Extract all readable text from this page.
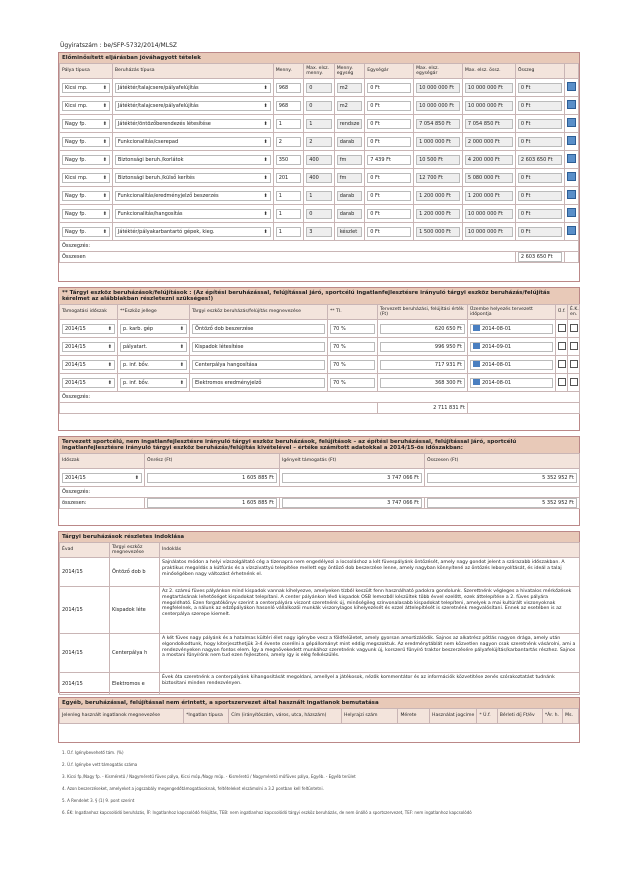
Ügyiratszám : be/SFP-5732/2014/MLSZ
Előminősített eljárásban jóváhagyott tételek
Pálya típusa	Beruházás típusa	Menny.	Max. elsz. menny.	Menny. egység	Egységár	Max. elsz. egységár	Max. elsz. össz.	Összeg	

Kicsi mp. ⬍	Játéktér/talajcsere/pályafelújítás ⬍	968	0	m2	0 Ft	10 000 000 Ft	10 000 000 Ft	0 Ft	

Kicsi mp. ⬍	Játéktér/talajcsere/pályafelújítás ⬍	968	0	m2	0 Ft	10 000 000 Ft	10 000 000 Ft	0 Ft	

Nagy fp. ⬍	Játéktér/öntözőberendezés létesítése ⬍	1	1	rendsze	0 Ft	7 054 850 Ft	7 054 850 Ft	0 Ft	

Nagy fp. ⬍	Funkcionalitás/cserepad ⬍	2	2	darab	0 Ft	1 000 000 Ft	2 000 000 Ft	0 Ft	

Nagy fp. ⬍	Biztonsági beruh./korlátok ⬍	350	400	fm	7 439 Ft	10 500 Ft	4 200 000 Ft	2 603 650 Ft	

Kicsi mp. ⬍	Biztonsági beruh./külső kerítés ⬍	201	400	fm	0 Ft	12 700 Ft	5 080 000 Ft	0 Ft	

Nagy fp. ⬍	Funkcionalitás/eredményjelző beszerzés ⬍	1	1	darab	0 Ft	1 200 000 Ft	1 200 000 Ft	0 Ft	

Nagy fp. ⬍	Funkcionalitás/hangosítás ⬍	1	0	darab	0 Ft	1 200 000 Ft	10 000 000 Ft	0 Ft	

Nagy fp. ⬍	Játéktér/pályakarbantartó gépek, kieg. ⬍	1	3	készlet	0 Ft	1 500 000 Ft	10 000 000 Ft	0 Ft	

Összegzés:									
Összesen								2 603 650 Ft	

** Tárgyi eszköz beruházások/felújítások : (Az építési beruházással, felújítással járó, sportcélú ingatlanfejlesztésre irányuló tárgyi eszköz beruházás/felújítás kérelmet az alábbiakban részletezni szükséges!)
Támogatási időszak	**Eszköz jellege	Tárgyi eszköz beruházás/felújítás megnevezése	** TI.	Tervezett beruházási, felújítási érték (Ft)	Üzembe helyezés tervezett időpontja	Ü.f.	É.K. en.

2014/15 ⬍	p. karb. gép ⬍	Öntöző dob beszerzése	70 %	620 650 Ft	2014-08-01		

2014/15 ⬍	pályatart. ⬍	Kispadok létesítése	70 %	996 950 Ft	2014-09-01		

2014/15 ⬍	p. inf. bőv. ⬍	Centerpálya hangosítása	70 %	717 931 Ft	2014-08-01		

2014/15 ⬍	p. inf. bőv. ⬍	Elektromos eredményjelző	70 %	368 300 Ft	2014-08-01		

Összegzés:							
				2 711 831 Ft			
Tervezett sportcélú, nem ingatlanfejlesztésre irányuló tárgyi eszköz beruházások, felújítások – az építési beruházással, felújítással járó, sportcélú ingatlanfejlesztésre irányuló tárgyi eszköz beruházás/felújítás kivételével – értéke számított adatokkal a 2014/15-ös időszakban:
Időszak	Önrész (Ft)	Igényelt támogatás (Ft)	Összesen (Ft)

2014/15 ⬍	1 605 885 Ft	3 747 066 Ft	5 352 952 Ft

Összegzés:			
összesen:	1 605 885 Ft	3 747 066 Ft	5 352 952 Ft
Tárgyi beruházások részletes indoklása
Évad	Tárgyi eszköz megnevezése	Indoklás
2014/15	Öntöző dob b	Sajnálatos módon a helyi vízszolgáltató cég a tizenapra nem engedélyezi a locsoláshoz a két füvespályánk öntözését, amely nagy gondot jelent a szárazabb időszakban. A praktikus megoldás a kútfúrás és a vízszivattyú telepítése mellett egy öntöző dob beszerzése lenne, amely nagyban könnyítené az öntözés lebonyolítását, és ideál a talaj minőségében nagy változást érhetnénk el.
2014/15	Kispadok léte	Az 2. számú füves pályánkon mind kispadok vannak kihelyezve, amelyeken tízből keszült fenn használható padokra gondolunk. Szerettnénk végleges a hivatalos mérkőzések megtartásának lehetőséget kispadokat telepítani. A center pályánkon lévő kispadok OSB lemezből készültek több évvel ezelőtt, ezek áttelepítése a 2. füves pályára megoldható. Ezen forgatókönyv szerint a centerpályára viszont szeretnénk új, minőségileg színvonalasabb kispadokat telepíteni, amelyek a mai kultúrált viszonyoknak megfelelnek, a nálunk az edzőpályákon hasonló vállalkozói munkák viszonylagos kihelyezését és ezzel áttelepítését is szeretnénk megvalósítani. Ennek az esetében is az centerpálya szerepe kiemelt.
2014/15	Centerpálya h	A két füves nagy pályánk és a hatalmas kültéri élet nagy igénybe vesz a földfelületet, amely gyorsan amortizálódik. Sajnos az alkatrész pótlás nagyon drága, amely után elgondolkodtunk, hogy kiterjeszthetjük 3-4 évente cserélni a gépállományt mint eddig megszoktuk. Az eredménytáblát nem közvetlen nagyon csak szeretnénk vásárolni, ami a rendezvényeken nagyon fontos elem. Így a megnövekedett munkához szeretnénk vagyunk új, korszerű fűnyíró traktor beszerzésére pályafelújítás/karbantartás részhez. Sajnos a mostani fűnyírónk nem tud ezen fejleszteni, amely így is elég felkészülés.
2014/15	Elektromos e	Évek óta szeretnénk a centerpályánk kihangosítását megoldani, amellyel a játékosok, nézők kommentátor és az információk közvetítése zenés szórakoztatást tudnánk biztosítani minden rendezvényen.
Egyéb, beruházással, felújítással nem érintett, a sportszervezet által használt ingatlanok bemutatása
Jelenleg használt ingatlanok megnevezése	*Ingatlan típusa	Cím (irányítószám, város, utca, házszám)	Helyrajzi szám	Mérete	Használat jogcíme	* Ú.f.	Bérleti díj Ft/év	*Ár. h.	Ms.
1. Ü.f. Igénybevehető tám. (%)
2. Ú.f. Igénybe vett támogatás száma
3. Kicsi fp./Nagy fp. - Kisméretű / Nagyméretű füves pálya, Kicsi műp./Nagy műp. - Kisméretű / Nagyméretű műfüves pálya, Egyéb. - Egyéb terület
4. Azon beszerzéseket, amelyeket a jogszabály megengedőtámogatásoknak, feltételeket elszámolni a 3.2 pontban kell feltüntetni.
5. A Rendelet 3. § (1) 9. pont szerint
6. ÉK: Ingatlanhoz kapcsolódó beruházás, ÍF: Ingatlanhoz kapcsolódó felújítás, TEB: nem ingatlanhoz kapcsolódó tárgyi eszköz beruházás, de nem önálló a sportszervezet, TEF: nem ingatlanhoz kapcsolódó
